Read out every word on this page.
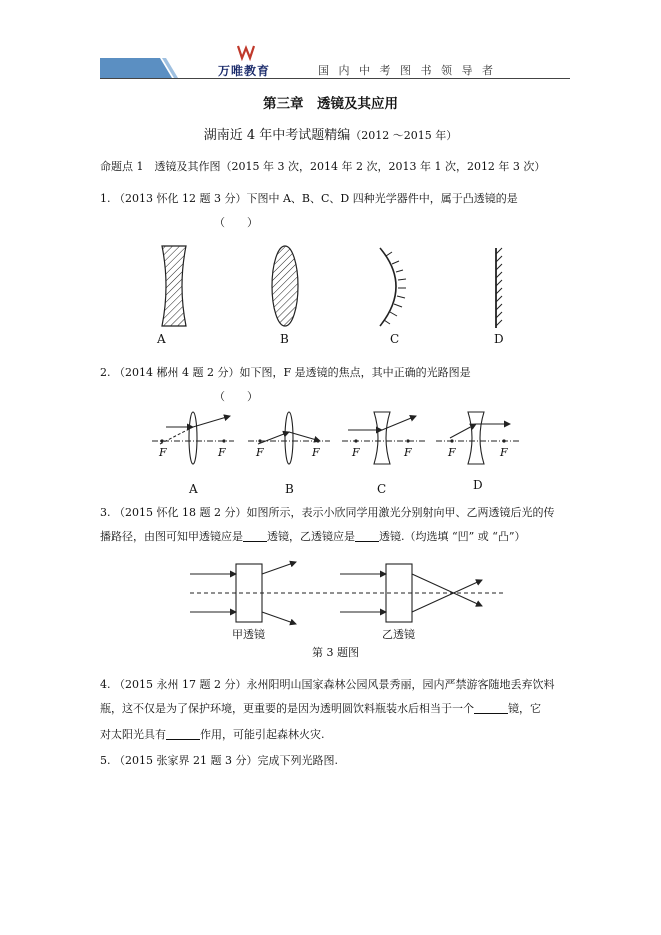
万唯教育	国 内 中 考 图 书 领 导 者
第三章　透镜及其应用
湖南近 4 年中考试题精编（2012 ～2015 年）
命题点 1　透镜及其作图（2015 年 3 次，2014 年 2 次，2013 年 1 次，2012 年 3 次）
1. （2013 怀化 12 题 3 分）下图中 A、B、C、D 四种光学器件中，属于凸透镜的是
（　　）
A	B	C	D
2. （2014 郴州 4 题 2 分）如下图，F 是透镜的焦点，其中正确的光路图是
（　　）
F	F	F	F	F	F	F	F
A	B	C	D
3. （2015 怀化 18 题 2 分）如图所示，表示小欣同学用激光分别射向甲、乙两透镜后光的传
播路径，由图可知甲透镜应是 透镜，乙透镜应是 透镜.（均选填 “凹” 或 “凸”）
甲透镜	乙透镜
第 3 题图
4. （2015 永州 17 题 2 分）永州阳明山国家森林公园风景秀丽，园内严禁游客随地丢弃饮料
瓶，这不仅是为了保护环境，更重要的是因为透明圆饮料瓶装水后相当于一个	镜，它
对太阳光具有	作用，可能引起森林火灾.
5. （2015 张家界 21 题 3 分）完成下列光路图.
